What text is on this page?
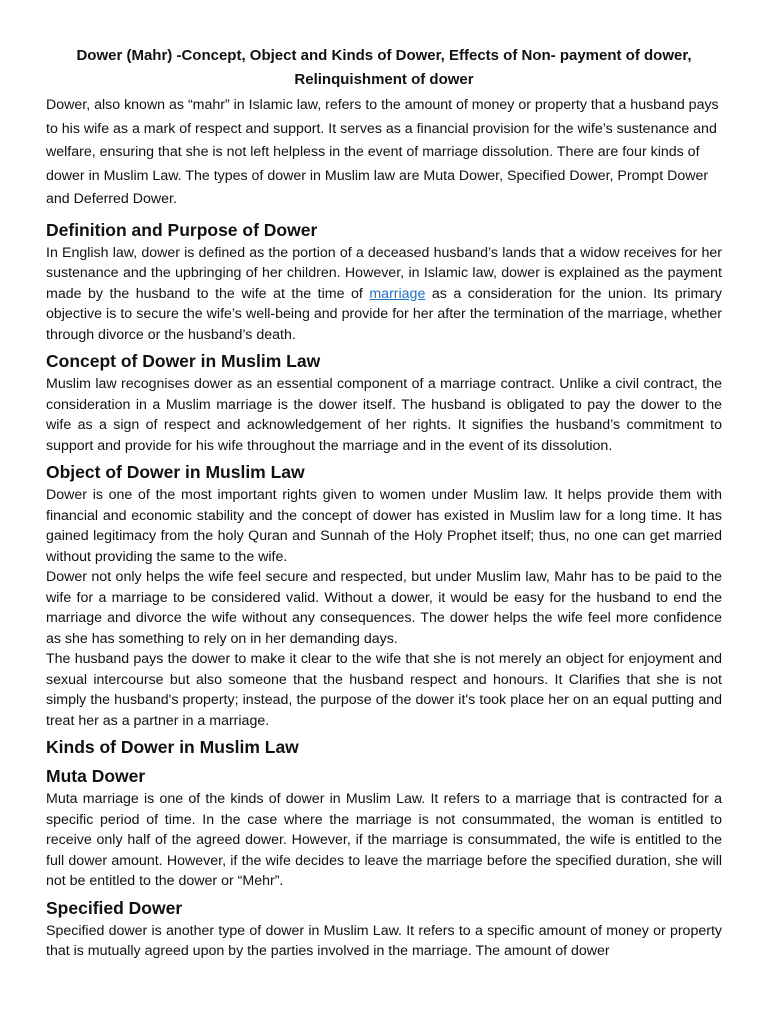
Dower (Mahr) -Concept, Object and Kinds of Dower, Effects of Non- payment of dower, Relinquishment of dower

Dower, also known as “mahr” in Islamic law, refers to the amount of money or property that a husband pays to his wife as a mark of respect and support. It serves as a financial provision for the wife’s sustenance and welfare, ensuring that she is not left helpless in the event of marriage dissolution. There are four kinds of dower in Muslim Law. The types of dower in Muslim law are Muta Dower, Specified Dower, Prompt Dower and Deferred Dower.

Definition and Purpose of Dower

In English law, dower is defined as the portion of a deceased husband’s lands that a widow receives for her sustenance and the upbringing of her children. However, in Islamic law, dower is explained as the payment made by the husband to the wife at the time of marriage as a consideration for the union. Its primary objective is to secure the wife’s well-being and provide for her after the termination of the marriage, whether through divorce or the husband’s death.

Concept of Dower in Muslim Law

Muslim law recognises dower as an essential component of a marriage contract. Unlike a civil contract, the consideration in a Muslim marriage is the dower itself. The husband is obligated to pay the dower to the wife as a sign of respect and acknowledgement of her rights. It signifies the husband’s commitment to support and provide for his wife throughout the marriage and in the event of its dissolution.

Object of Dower in Muslim Law

Dower is one of the most important rights given to women under Muslim law. It helps provide them with financial and economic stability and the concept of dower has existed in Muslim law for a long time. It has gained legitimacy from the holy Quran and Sunnah of the Holy Prophet itself; thus, no one can get married without providing the same to the wife.

Dower not only helps the wife feel secure and respected, but under Muslim law, Mahr has to be paid to the wife for a marriage to be considered valid. Without a dower, it would be easy for the husband to end the marriage and divorce the wife without any consequences. The dower helps the wife feel more confidence as she has something to rely on in her demanding days.

The husband pays the dower to make it clear to the wife that she is not merely an object for enjoyment and sexual intercourse but also someone that the husband respect and honours. It Clarifies that she is not simply the husband's property; instead, the purpose of the dower it's took place her on an equal putting and treat her as a partner in a marriage.

Kinds of Dower in Muslim Law
Muta Dower

Muta marriage is one of the kinds of dower in Muslim Law. It refers to a marriage that is contracted for a specific period of time. In the case where the marriage is not consummated, the woman is entitled to receive only half of the agreed dower. However, if the marriage is consummated, the wife is entitled to the full dower amount. However, if the wife decides to leave the marriage before the specified duration, she will not be entitled to the dower or “Mehr”.

Specified Dower

Specified dower is another type of dower in Muslim Law. It refers to a specific amount of money or property that is mutually agreed upon by the parties involved in the marriage. The amount of dower
